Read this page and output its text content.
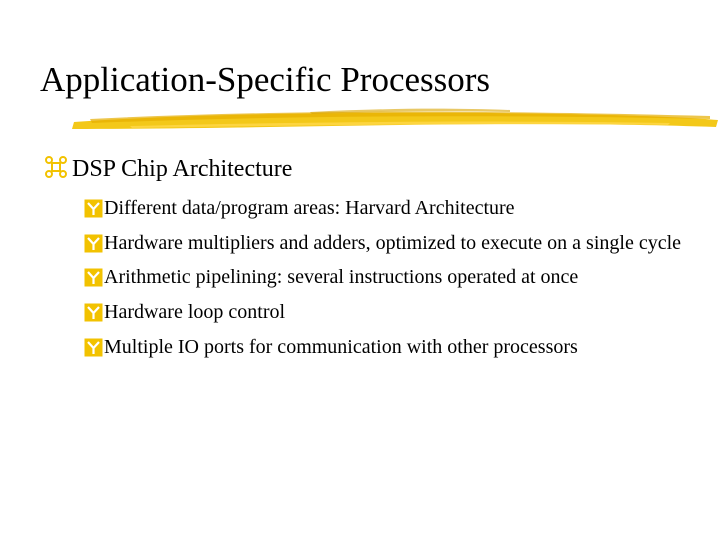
Application-Specific Processors
DSP Chip Architecture
Different data/program areas: Harvard Architecture
Hardware multipliers and adders, optimized to execute on a single cycle
Arithmetic pipelining: several instructions operated at once
Hardware loop control
Multiple IO ports for communication with other processors
